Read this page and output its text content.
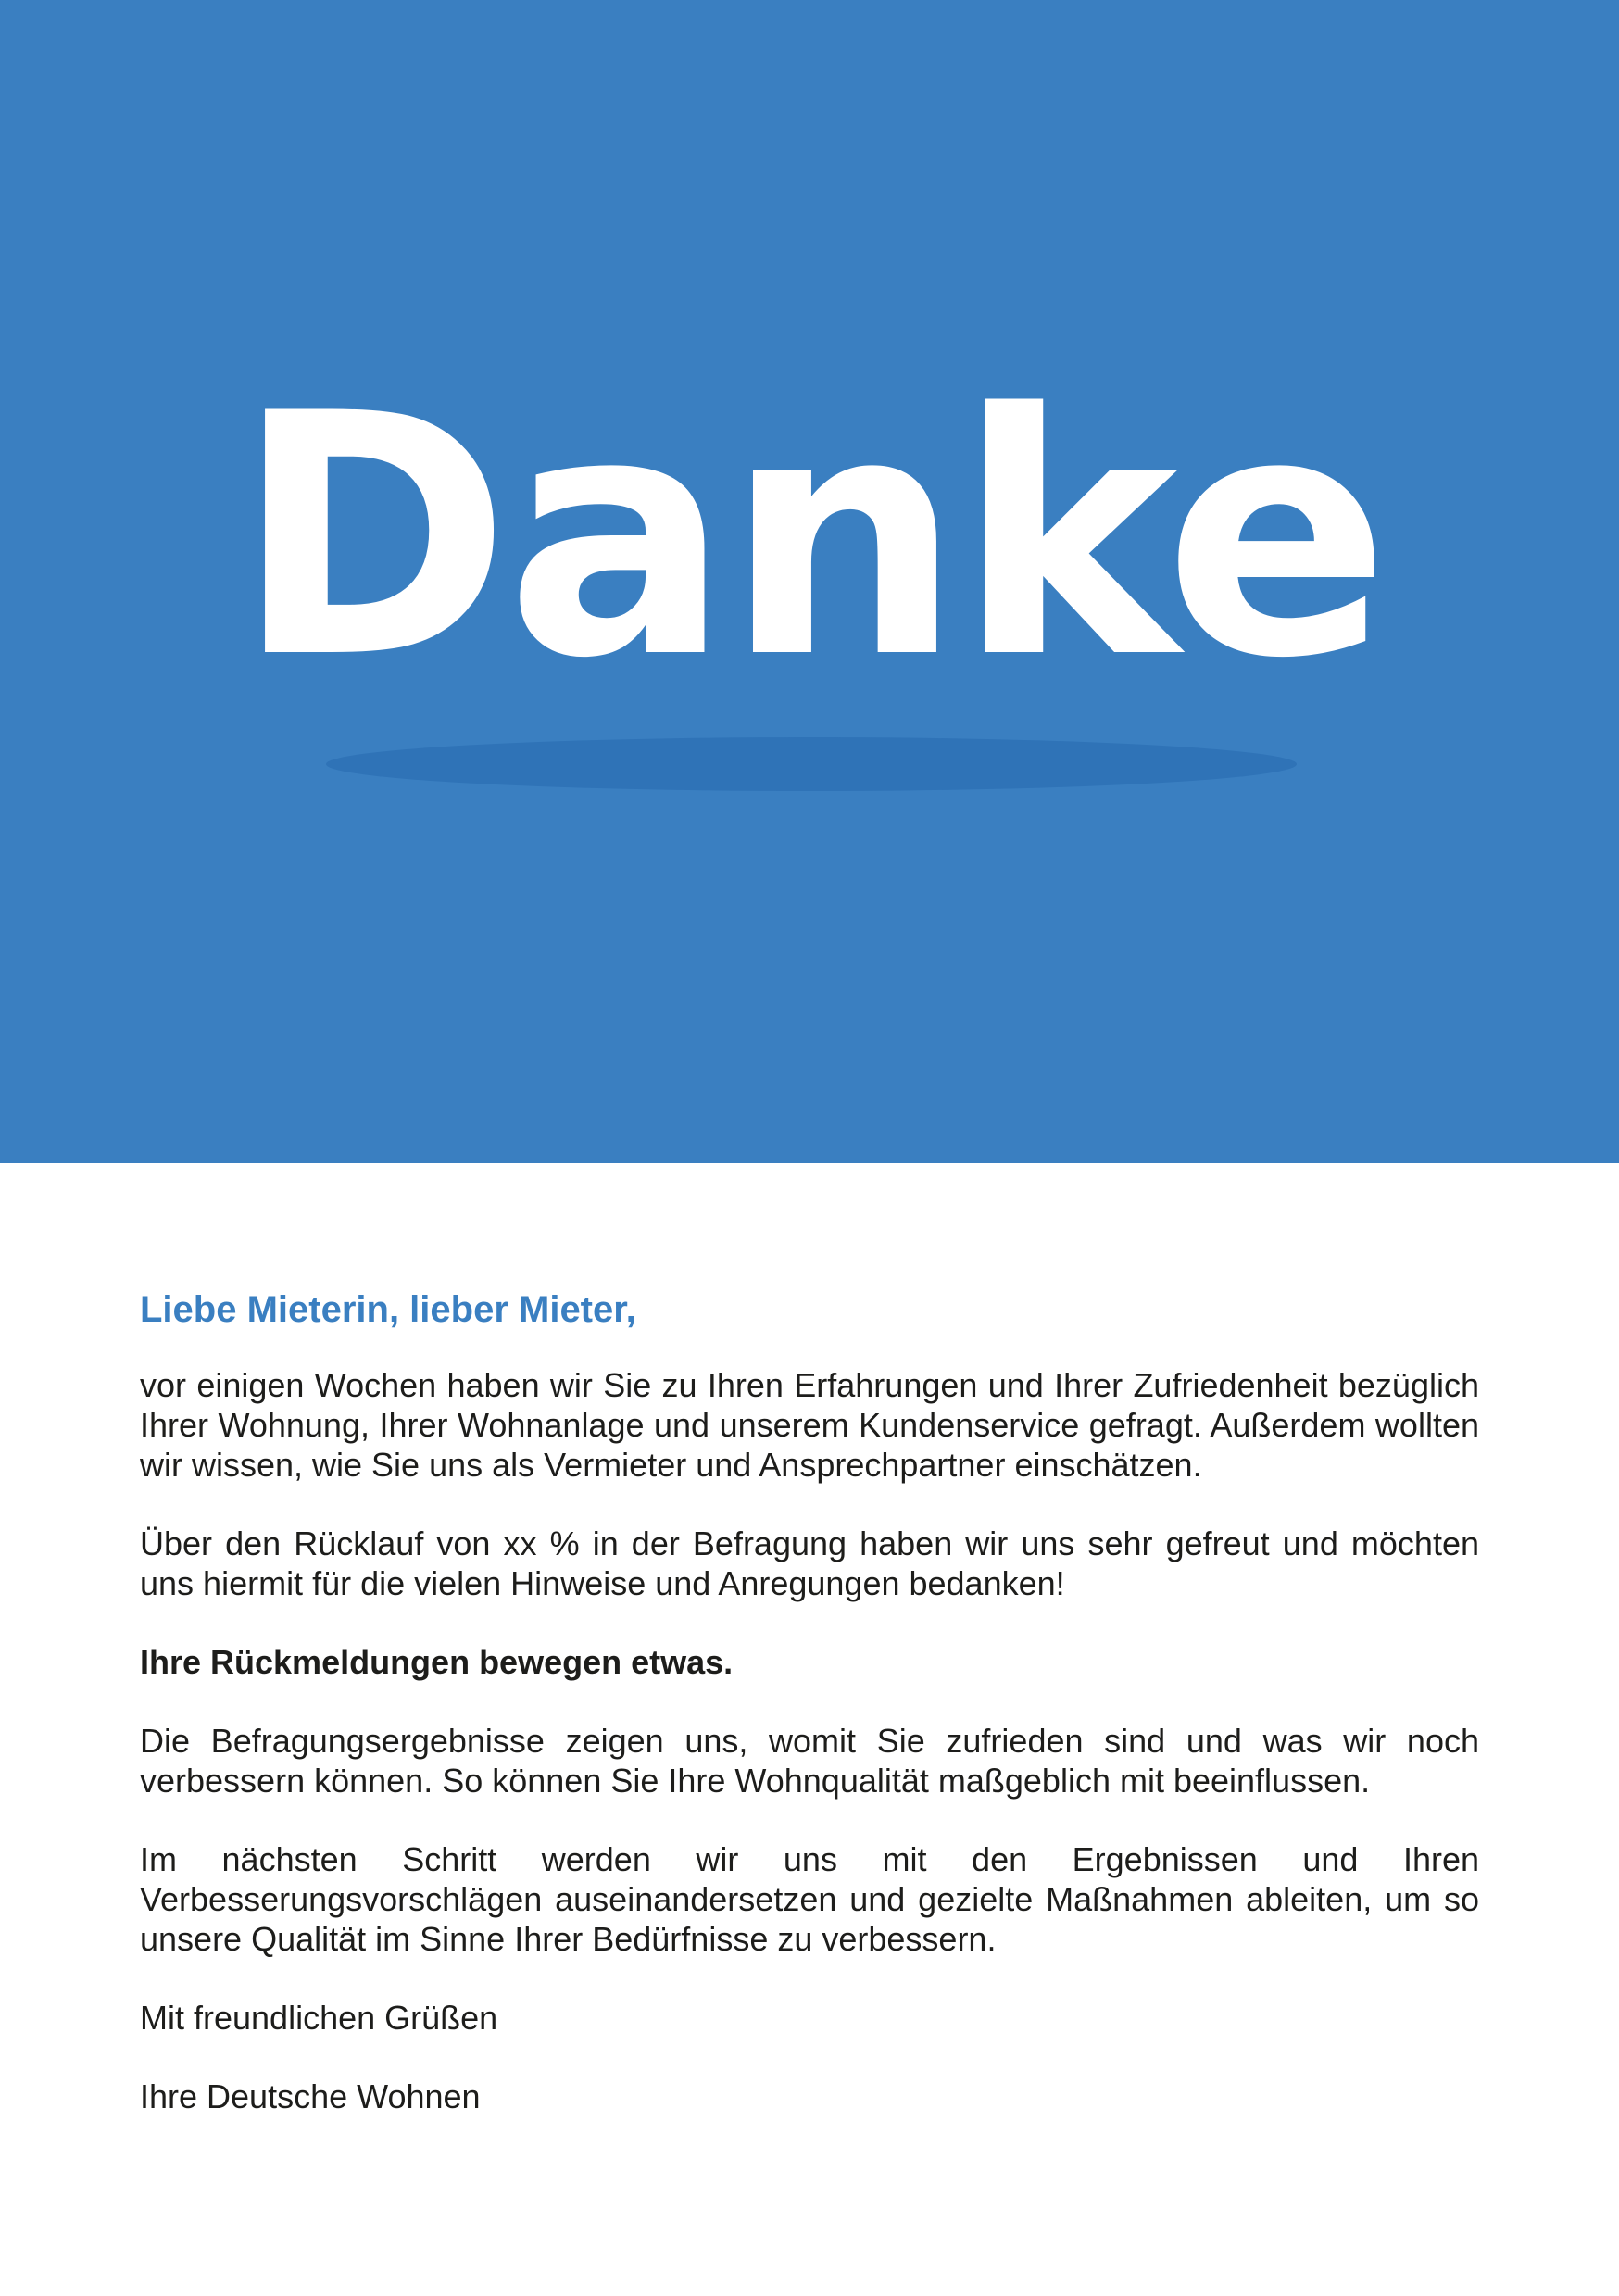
Danke
Liebe Mieterin, lieber Mieter,

vor einigen Wochen haben wir Sie zu Ihren Erfahrungen und Ihrer Zufriedenheit bezüglich Ihrer Wohnung, Ihrer Wohnanlage und unserem Kundenservice gefragt. Außerdem wollten wir wissen, wie Sie uns als Vermieter und Ansprechpartner einschätzen.

Über den Rücklauf von xx % in der Befragung haben wir uns sehr gefreut und möchten uns hiermit für die vielen Hinweise und Anregungen bedanken!

Ihre Rückmeldungen bewegen etwas.

Die Befragungsergebnisse zeigen uns, womit Sie zufrieden sind und was wir noch verbessern können. So können Sie Ihre Wohnqualität maßgeblich mit beeinflussen.

Im nächsten Schritt werden wir uns mit den Ergebnissen und Ihren Verbesserungsvorschlägen auseinandersetzen und gezielte Maßnahmen ableiten, um so unsere Qualität im Sinne Ihrer Bedürfnisse zu verbessern.

Mit freundlichen Grüßen

Ihre Deutsche Wohnen
